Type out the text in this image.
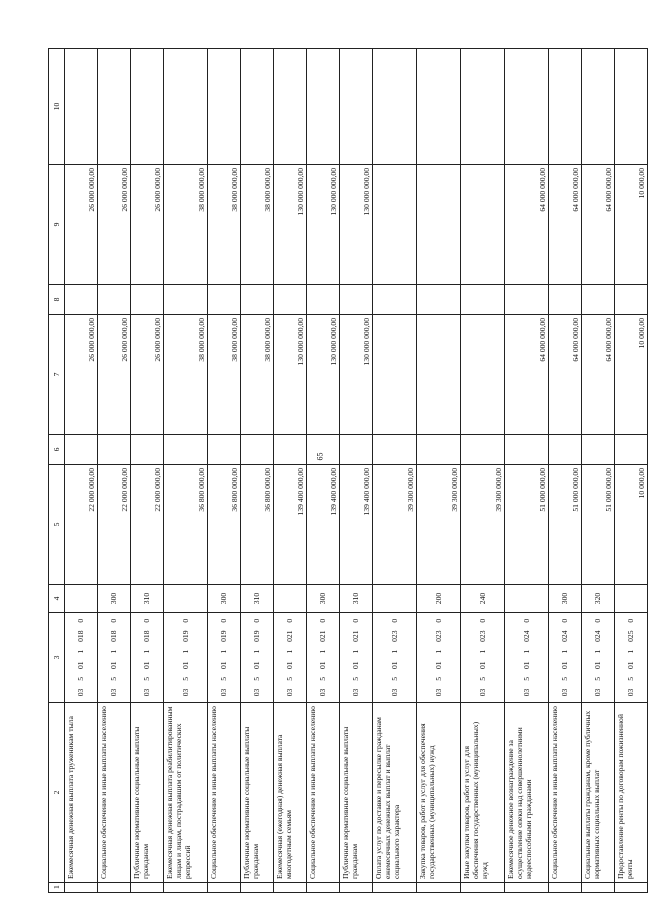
65
1	2	3	4	5	6	7	8	9	10
	Ежемесячная денежная выплата труженикам тыла	03 5 01 1 018 0		22 000 000,00		26 000 000,00		26 000 000,00	
	Социальное обеспечение и иные выплаты населению	03 5 01 1 018 0	300	22 000 000,00		26 000 000,00		26 000 000,00	
	Публичные нормативные социальные выплаты гражданам	03 5 01 1 018 0	310	22 000 000,00		26 000 000,00		26 000 000,00	
	Ежемесячная денежная выплата реабилитированным лицам и лицам, пострадавшим от политических репрессий	03 5 01 1 019 0		36 800 000,00		38 000 000,00		38 000 000,00	
	Социальное обеспечение и иные выплаты населению	03 5 01 1 019 0	300	36 800 000,00		38 000 000,00		38 000 000,00	
	Публичные нормативные социальные выплаты гражданам	03 5 01 1 019 0	310	36 800 000,00		38 000 000,00		38 000 000,00	
	Ежемесячная (ежегодная) денежная выплата многодетным семьям	03 5 01 1 021 0		139 400 000,00		130 000 000,00		130 000 000,00	
	Социальное обеспечение и иные выплаты населению	03 5 01 1 021 0	300	139 400 000,00		130 000 000,00		130 000 000,00	
	Публичные нормативные социальные выплаты гражданам	03 5 01 1 021 0	310	139 400 000,00		130 000 000,00		130 000 000,00	
	Оплата услуг по доставке и пересылке гражданам ежемесячных денежных выплат и выплат социального характера	03 5 01 1 023 0		39 300 000,00					
	Закупка товаров, работ и услуг для обеспечения государственных (муниципальных) нужд	03 5 01 1 023 0	200	39 300 000,00					
	Иные закупки товаров, работ и услуг для обеспечения государственных (муниципальных) нужд	03 5 01 1 023 0	240	39 300 000,00					
	Ежемесячное денежное вознаграждение за осуществление опеки над совершеннолетними недееспособными гражданами	03 5 01 1 024 0		51 000 000,00		64 000 000,00		64 000 000,00	
	Социальное обеспечение и иные выплаты населению	03 5 01 1 024 0	300	51 000 000,00		64 000 000,00		64 000 000,00	
	Социальные выплаты гражданам, кроме публичных нормативных социальных выплат	03 5 01 1 024 0	320	51 000 000,00		64 000 000,00		64 000 000,00	
	Предоставление ренты по договорам пожизненной ренты	03 5 01 1 025 0		10 000,00		10 000,00		10 000,00	
